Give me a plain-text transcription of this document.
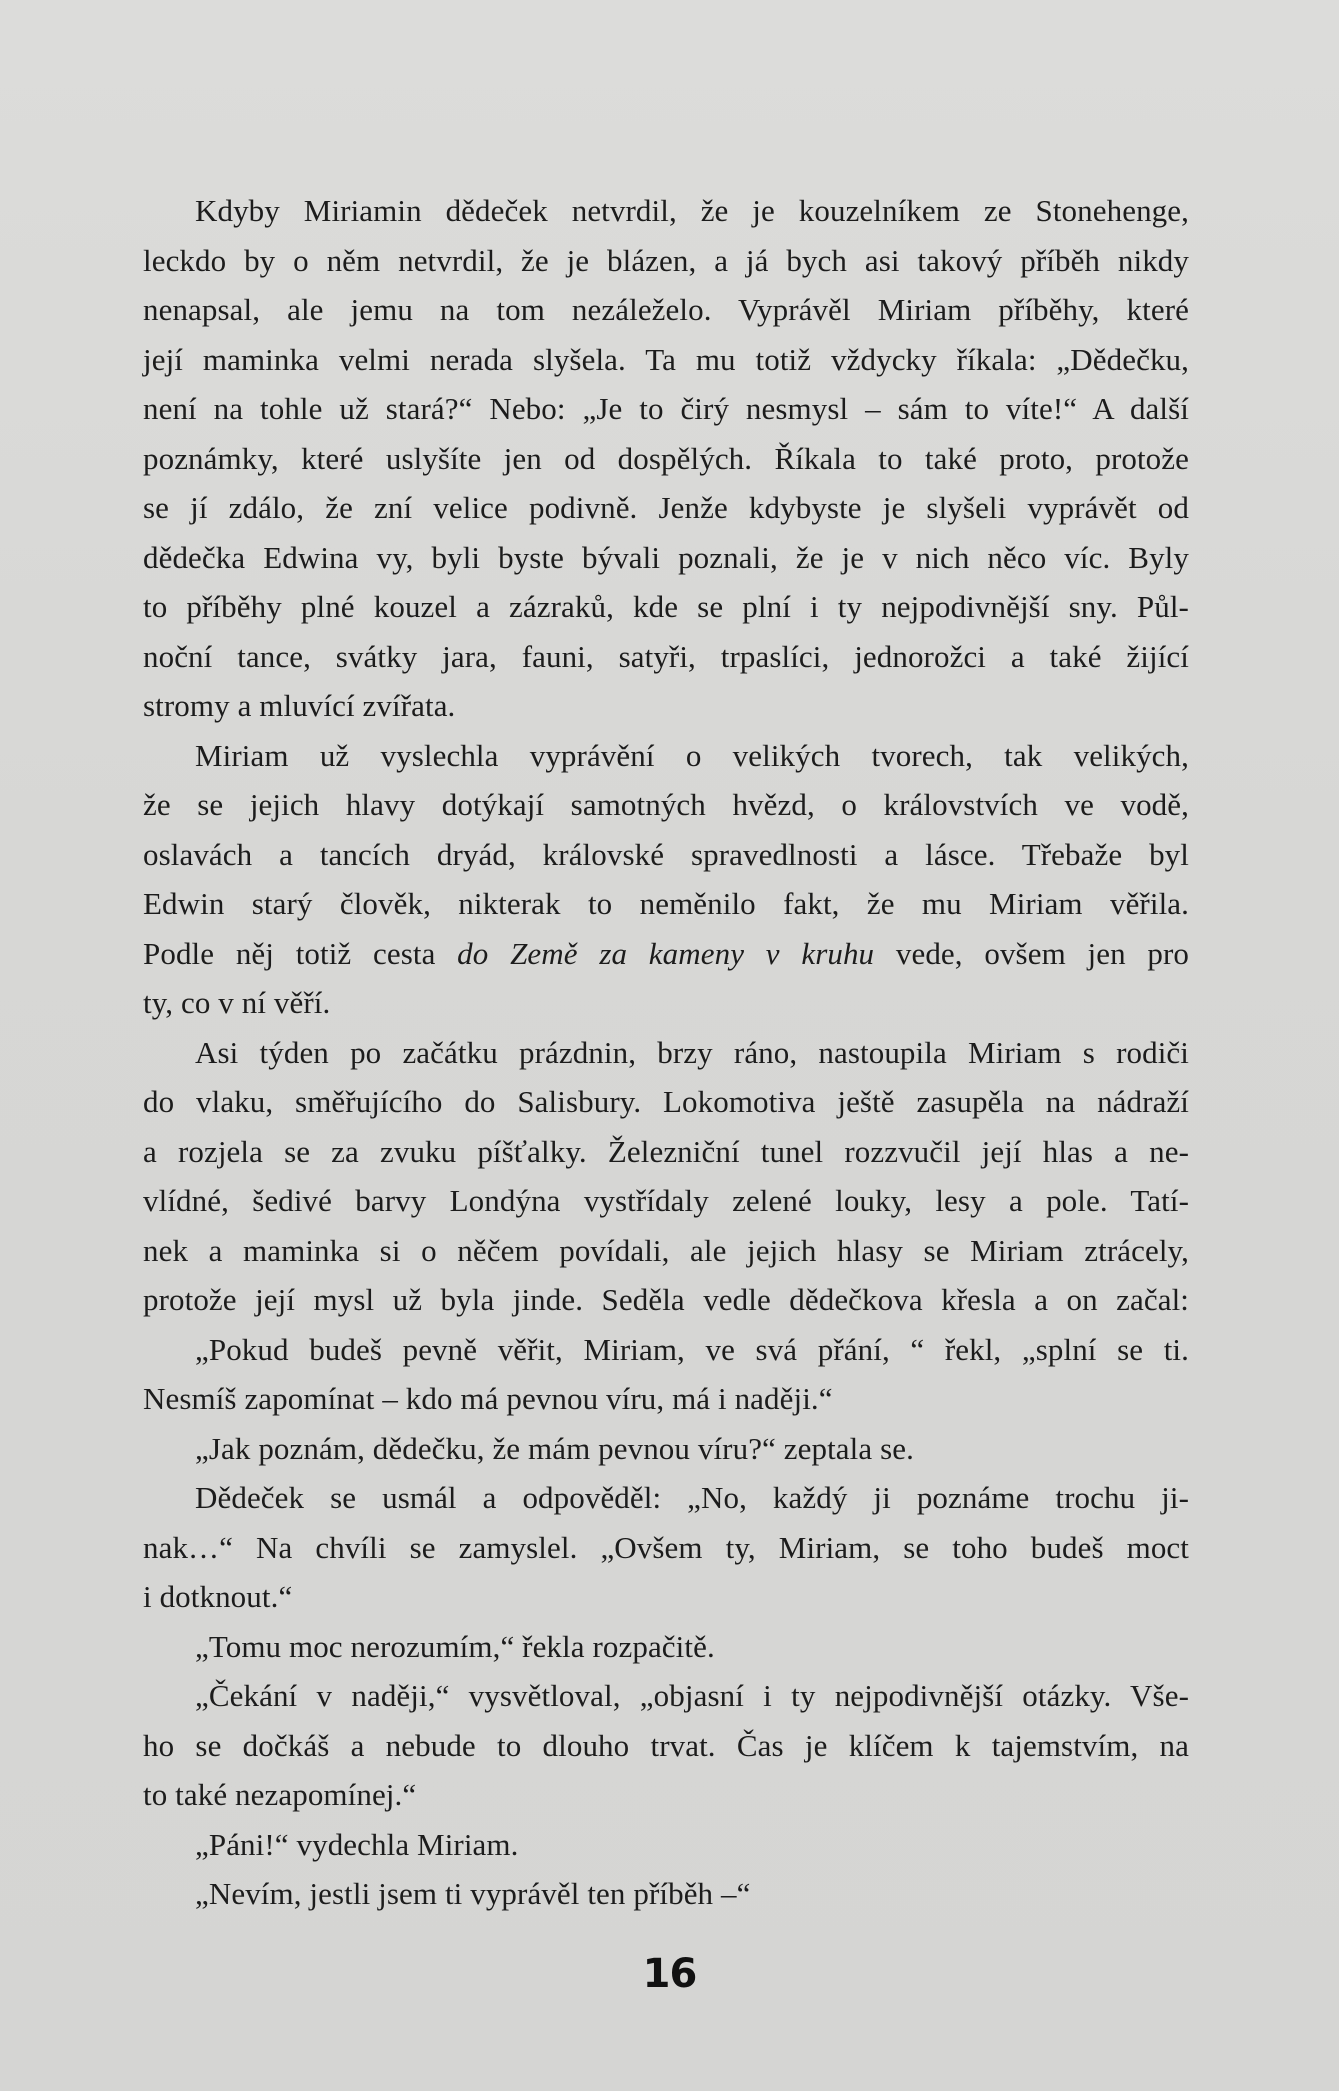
Kdyby Miriamin dědeček netvrdil, že je kouzelníkem ze Stonehenge,
leckdo by o něm netvrdil, že je blázen, a já bych asi takový příběh nikdy
nenapsal, ale jemu na tom nezáleželo. Vyprávěl Miriam příběhy, které
její maminka velmi nerada slyšela. Ta mu totiž vždycky říkala: „Dědečku,
není na tohle už stará?“ Nebo: „Je to čirý nesmysl – sám to víte!“ A další
poznámky, které uslyšíte jen od dospělých. Říkala to také proto, protože
se jí zdálo, že zní velice podivně. Jenže kdybyste je slyšeli vyprávět od
dědečka Edwina vy, byli byste bývali poznali, že je v nich něco víc. Byly
to příběhy plné kouzel a zázraků, kde se plní i ty nejpodivnější sny. Půl-
noční tance, svátky jara, fauni, satyři, trpaslíci, jednorožci a také žijící
stromy a mluvící zvířata.
Miriam už vyslechla vyprávění o velikých tvorech, tak velikých,
že se jejich hlavy dotýkají samotných hvězd, o královstvích ve vodě,
oslavách a tancích dryád, královské spravedlnosti a lásce. Třebaže byl
Edwin starý člověk, nikterak to neměnilo fakt, že mu Miriam věřila.
Podle něj totiž cesta do Země za kameny v kruhu vede, ovšem jen pro
ty, co v ní věří.
Asi týden po začátku prázdnin, brzy ráno, nastoupila Miriam s rodiči
do vlaku, směřujícího do Salisbury. Lokomotiva ještě zasupěla na nádraží
a rozjela se za zvuku píšťalky. Železniční tunel rozzvučil její hlas a ne-
vlídné, šedivé barvy Londýna vystřídaly zelené louky, lesy a pole. Tatí-
nek a maminka si o něčem povídali, ale jejich hlasy se Miriam ztrácely,
protože její mysl už byla jinde. Seděla vedle dědečkova křesla a on začal:
„Pokud budeš pevně věřit, Miriam, ve svá přání, “ řekl, „splní se ti.
Nesmíš zapomínat – kdo má pevnou víru, má i naději.“
„Jak poznám, dědečku, že mám pevnou víru?“ zeptala se.
Dědeček se usmál a odpověděl: „No, každý ji poznáme trochu ji-
nak…“ Na chvíli se zamyslel. „Ovšem ty, Miriam, se toho budeš moct
i dotknout.“
„Tomu moc nerozumím,“ řekla rozpačitě.
„Čekání v naději,“ vysvětloval, „objasní i ty nejpodivnější otázky. Vše-
ho se dočkáš a nebude to dlouho trvat. Čas je klíčem k tajemstvím, na
to také nezapomínej.“
„Páni!“ vydechla Miriam.
„Nevím, jestli jsem ti vyprávěl ten příběh –“
16
